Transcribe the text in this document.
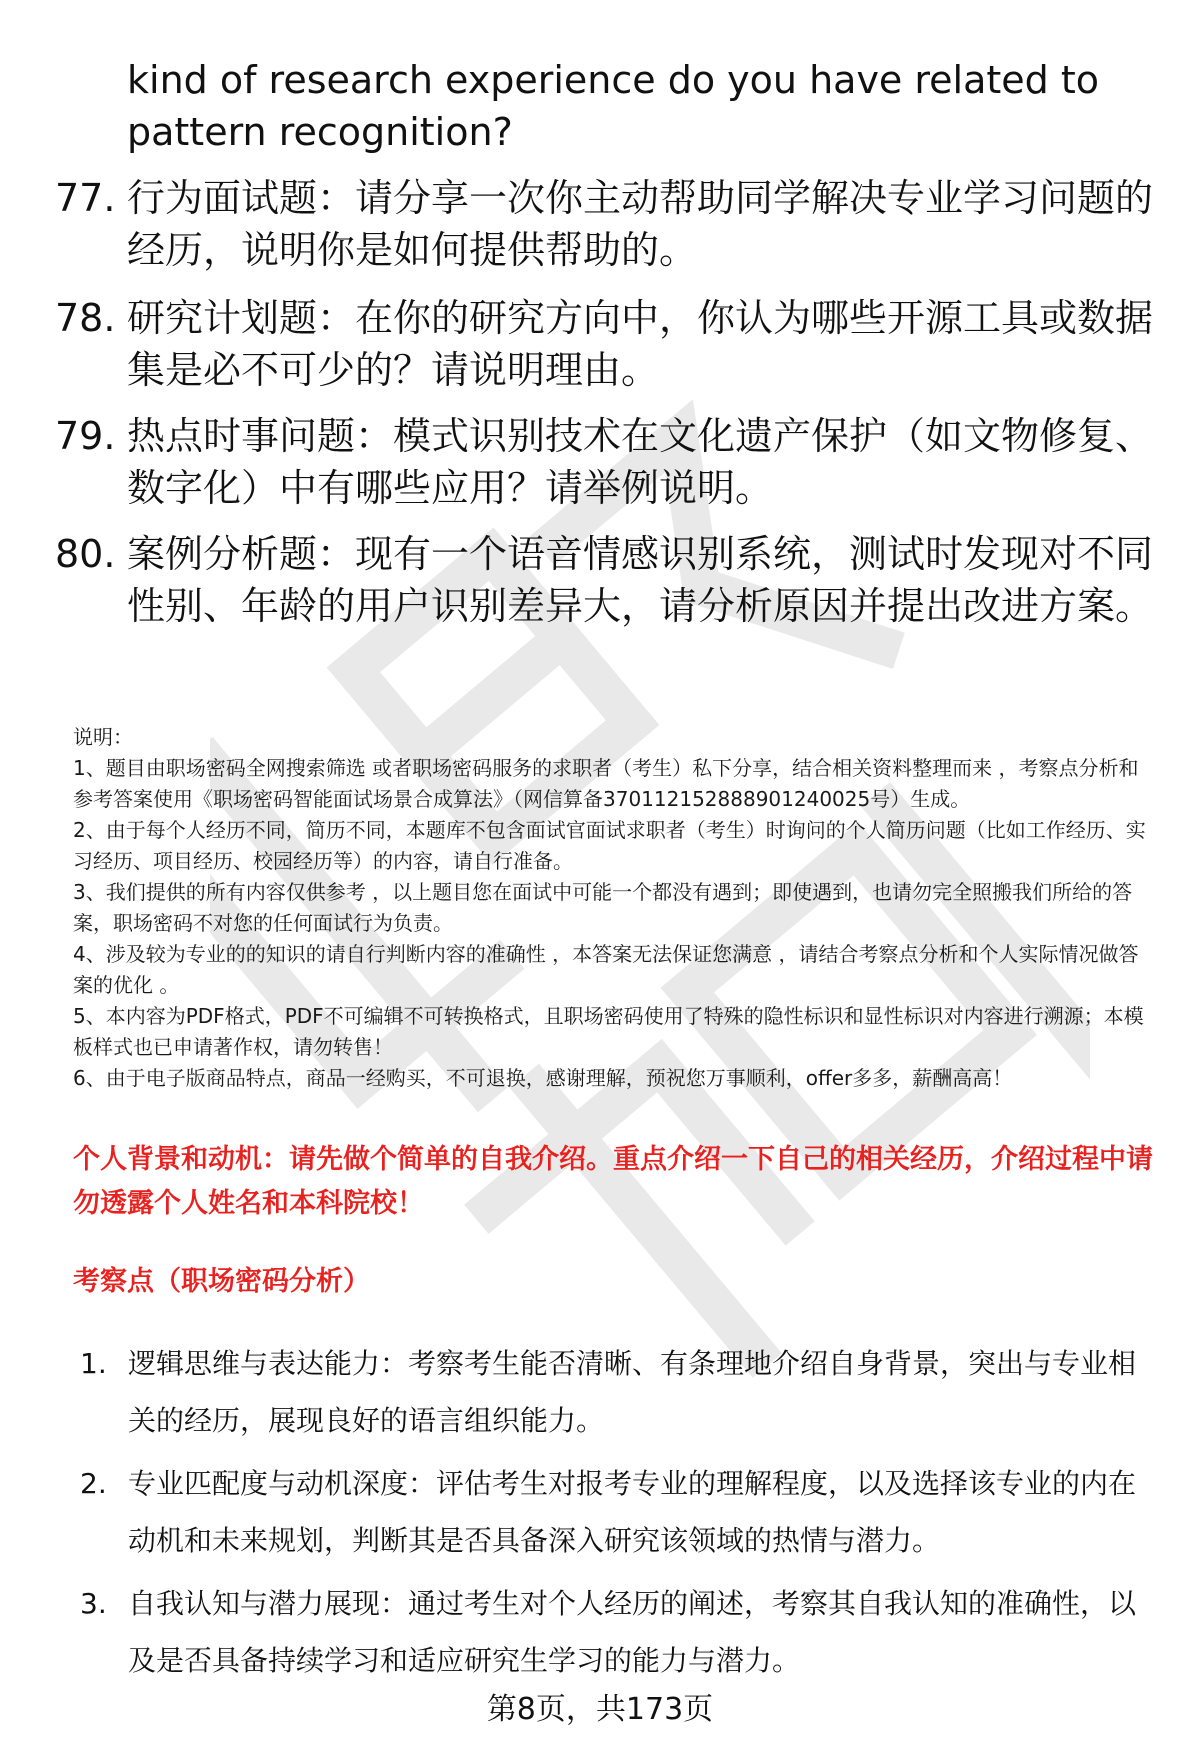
kind of research experience do you have related to pattern recognition?
77. 行为面试题：请分享一次你主动帮助同学解决专业学习问题的经历，说明你是如何提供帮助的。
78. 研究计划题：在你的研究方向中，你认为哪些开源工具或数据集是必不可少的？请说明理由。
79. 热点时事问题：模式识别技术在文化遗产保护（如文物修复、数字化）中有哪些应用？请举例说明。
80. 案例分析题：现有一个语音情感识别系统，测试时发现对不同性别、年龄的用户识别差异大，请分析原因并提出改进方案。
说明：
1、题目由职场密码全网搜索筛选 或者职场密码服务的求职者（考生）私下分享，结合相关资料整理而来 ，考察点分析和参考答案使用《职场密码智能面试场景合成算法》（网信算备370112152888901240025号）生成。
2、由于每个人经历不同，简历不同，本题库不包含面试官面试求职者（考生）时询问的个人简历问题（比如工作经历、实习经历、项目经历、校园经历等）的内容，请自行准备。
3、我们提供的所有内容仅供参考 ，以上题目您在面试中可能一个都没有遇到；即使遇到，也请勿完全照搬我们所给的答案，职场密码不对您的任何面试行为负责。
4、涉及较为专业的的知识的请自行判断内容的准确性 ，本答案无法保证您满意 ，请结合考察点分析和个人实际情况做答案的优化 。
5、本内容为PDF格式，PDF不可编辑不可转换格式，且职场密码使用了特殊的隐性标识和显性标识对内容进行溯源；本模板样式也已申请著作权，请勿转售！
6、由于电子版商品特点，商品一经购买，不可退换，感谢理解，预祝您万事顺利，offer多多，薪酬高高！
个人背景和动机：请先做个简单的自我介绍。重点介绍一下自己的相关经历，介绍过程中请勿透露个人姓名和本科院校！
考察点（职场密码分析）
1. 逻辑思维与表达能力：考察考生能否清晰、有条理地介绍自身背景，突出与专业相关的经历，展现良好的语言组织能力。
2. 专业匹配度与动机深度：评估考生对报考专业的理解程度，以及选择该专业的内在动机和未来规划，判断其是否具备深入研究该领域的热情与潜力。
3. 自我认知与潜力展现：通过考生对个人经历的阐述，考察其自我认知的准确性，以及是否具备持续学习和适应研究生学习的能力与潜力。
第8页，共173页
